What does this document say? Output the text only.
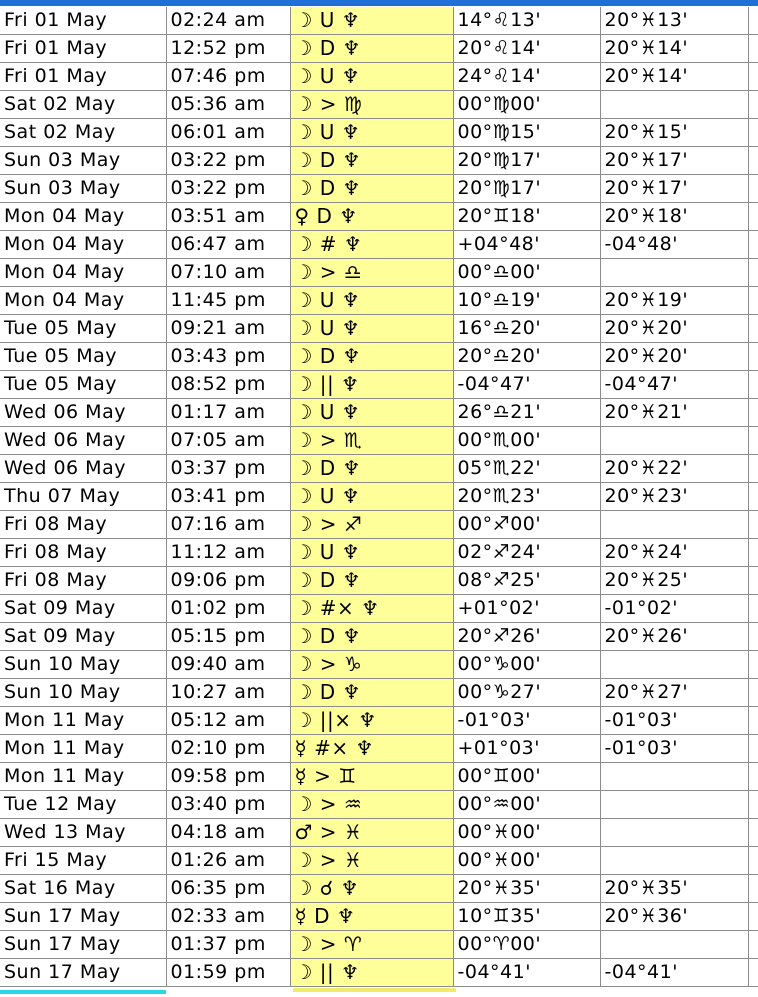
Fri 01 May	02:24 am	☽ U ♆	14°♌13'	20°♓13'	
Fri 01 May	12:52 pm	☽ D ♆	20°♌14'	20°♓14'	
Fri 01 May	07:46 pm	☽ U ♆	24°♌14'	20°♓14'	
Sat 02 May	05:36 am	☽ > ♍	00°♍00'		
Sat 02 May	06:01 am	☽ U ♆	00°♍15'	20°♓15'	
Sun 03 May	03:22 pm	☽ D ♆	20°♍17'	20°♓17'	
Sun 03 May	03:22 pm	☽ D ♆	20°♍17'	20°♓17'	
Mon 04 May	03:51 am	♀ D ♆	20°♊18'	20°♓18'	
Mon 04 May	06:47 am	☽ # ♆	+04°48'	-04°48'	
Mon 04 May	07:10 am	☽ > ♎	00°♎00'		
Mon 04 May	11:45 pm	☽ U ♆	10°♎19'	20°♓19'	
Tue 05 May	09:21 am	☽ U ♆	16°♎20'	20°♓20'	
Tue 05 May	03:43 pm	☽ D ♆	20°♎20'	20°♓20'	
Tue 05 May	08:52 pm	☽ || ♆	-04°47'	-04°47'	
Wed 06 May	01:17 am	☽ U ♆	26°♎21'	20°♓21'	
Wed 06 May	07:05 am	☽ > ♏	00°♏00'		
Wed 06 May	03:37 pm	☽ D ♆	05°♏22'	20°♓22'	
Thu 07 May	03:41 pm	☽ U ♆	20°♏23'	20°♓23'	
Fri 08 May	07:16 am	☽ > ♐	00°♐00'		
Fri 08 May	11:12 am	☽ U ♆	02°♐24'	20°♓24'	
Fri 08 May	09:06 pm	☽ D ♆	08°♐25'	20°♓25'	
Sat 09 May	01:02 pm	☽ #× ♆	+01°02'	-01°02'	
Sat 09 May	05:15 pm	☽ D ♆	20°♐26'	20°♓26'	
Sun 10 May	09:40 am	☽ > ♑	00°♑00'		
Sun 10 May	10:27 am	☽ D ♆	00°♑27'	20°♓27'	
Mon 11 May	05:12 am	☽ ||× ♆	-01°03'	-01°03'	
Mon 11 May	02:10 pm	☿ #× ♆	+01°03'	-01°03'	
Mon 11 May	09:58 pm	☿ > ♊	00°♊00'		
Tue 12 May	03:40 pm	☽ > ♒	00°♒00'		
Wed 13 May	04:18 am	♂ > ♓	00°♓00'		
Fri 15 May	01:26 am	☽ > ♓	00°♓00'		
Sat 16 May	06:35 pm	☽ ☌ ♆	20°♓35'	20°♓35'	
Sun 17 May	02:33 am	☿ D ♆	10°♊35'	20°♓36'	
Sun 17 May	01:37 pm	☽ > ♈	00°♈00'		
Sun 17 May	01:59 pm	☽ || ♆	-04°41'	-04°41'	
